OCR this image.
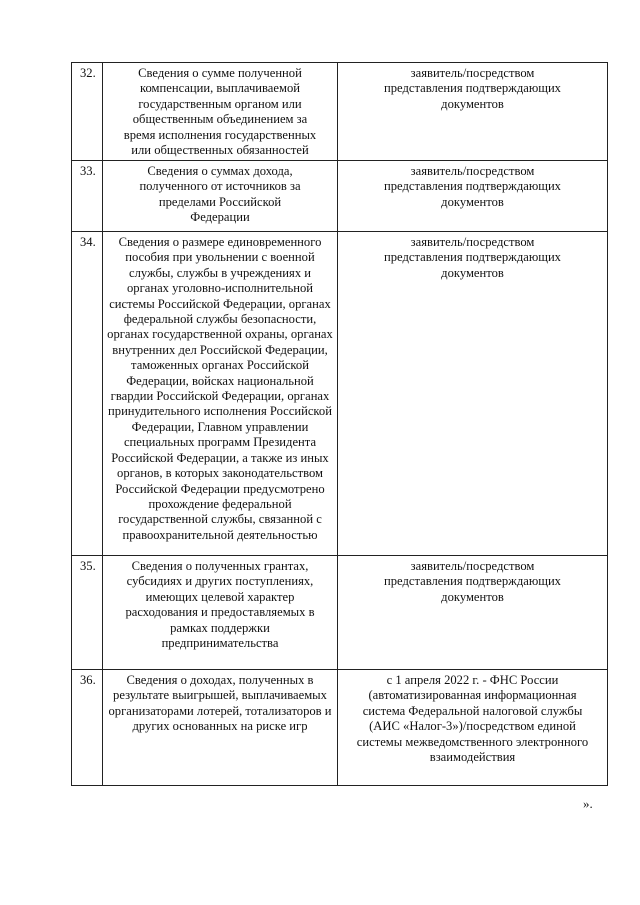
32.	Сведения о сумме полученной компенсации, выплачиваемой государственным органом или общественным объединением за время исполнения государственных или общественных обязанностей	заявитель/посредством представления подтверждающих документов

33.	Сведения о суммах дохода, полученного от источников за пределами Российской Федерации	заявитель/посредством представления подтверждающих документов

34.	Сведения о размере единовременного пособия при увольнении с военной службы, службы в учреждениях и органах уголовно-исполнительной системы Российской Федерации, органах федеральной службы безопасности, органах государственной охраны, органах внутренних дел Российской Федерации, таможенных органах Российской Федерации, войсках национальной гвардии Российской Федерации, органах принудительного исполнения Российской Федерации, Главном управлении специальных программ Президента Российской Федерации, а также из иных органов, в которых законодательством Российской Федерации предусмотрено прохождение федеральной государственной службы, связанной с правоохранительной деятельностью	заявитель/посредством представления подтверждающих документов

35.	Сведения о полученных грантах, субсидиях и других поступлениях, имеющих целевой характер расходования и предоставляемых в рамках поддержки предпринимательства	заявитель/посредством представления подтверждающих документов

36.	Сведения о доходах, полученных в результате выигрышей, выплачиваемых организаторами лотерей, тотализаторов и других основанных на риске игр	с 1 апреля 2022 г. - ФНС России (автоматизированная информационная система Федеральной налоговой службы (АИС «Налог-3»)/посредством единой системы межведомственного электронного взаимодействия
».
